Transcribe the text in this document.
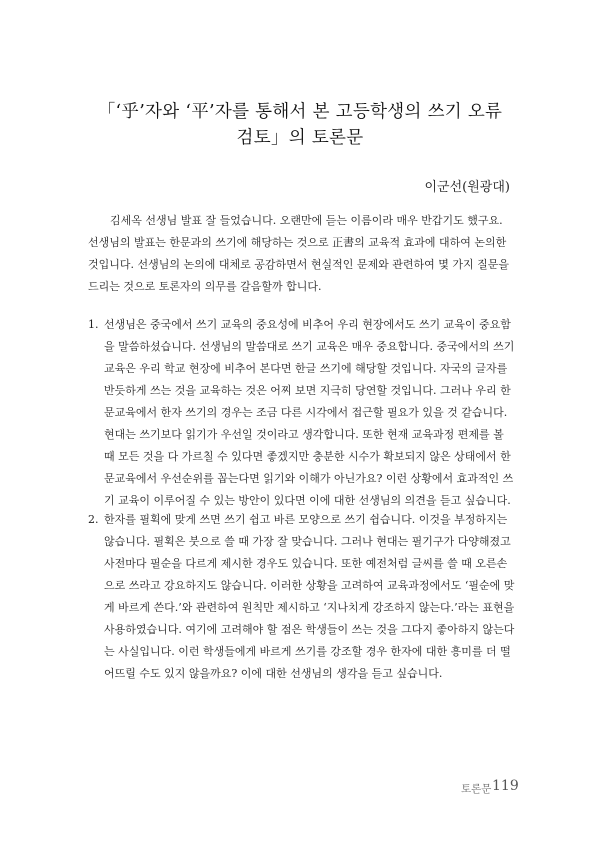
「‘乎’자와 ‘平’자를 통해서 본 고등학생의 쓰기 오류
검토」의 토론문
이군선(원광대)

김세옥 선생님 발표 잘 들었습니다. 오랜만에 듣는 이름이라 매우 반갑기도 했구요. 선생님의 발표는 한문과의 쓰기에 해당하는 것으로 正書의 교육적 효과에 대하여 논의한 것입니다. 선생님의 논의에 대체로 공감하면서 현실적인 문제와 관련하여 몇 가지 질문을 드리는 것으로 토론자의 의무를 갈음할까 합니다.

1. 선생님은 중국에서 쓰기 교육의 중요성에 비추어 우리 현장에서도 쓰기 교육이 중요함을 말씀하셨습니다. 선생님의 말씀대로 쓰기 교육은 매우 중요합니다. 중국에서의 쓰기 교육은 우리 학교 현장에 비추어 본다면 한글 쓰기에 해당할 것입니다. 자국의 글자를 반듯하게 쓰는 것을 교육하는 것은 어찌 보면 지극히 당연할 것입니다. 그러나 우리 한문교육에서 한자 쓰기의 경우는 조금 다른 시각에서 접근할 필요가 있을 것 같습니다. 현대는 쓰기보다 읽기가 우선일 것이라고 생각합니다. 또한 현재 교육과정 편제를 볼 때 모든 것을 다 가르칠 수 있다면 좋겠지만 충분한 시수가 확보되지 않은 상태에서 한문교육에서 우선순위를 꼽는다면 읽기와 이해가 아닌가요? 이런 상황에서 효과적인 쓰기 교육이 이루어질 수 있는 방안이 있다면 이에 대한 선생님의 의견을 듣고 싶습니다.
2. 한자를 필획에 맞게 쓰면 쓰기 쉽고 바른 모양으로 쓰기 쉽습니다. 이것을 부정하지는 않습니다. 필획은 붓으로 쓸 때 가장 잘 맞습니다. 그러나 현대는 필기구가 다양해졌고 사전마다 필순을 다르게 제시한 경우도 있습니다. 또한 예전처럼 글씨를 쓸 때 오른손으로 쓰라고 강요하지도 않습니다. 이러한 상황을 고려하여 교육과정에서도 ‘필순에 맞게 바르게 쓴다.’와 관련하여 원칙만 제시하고 ‘지나치게 강조하지 않는다.’라는 표현을 사용하였습니다. 여기에 고려해야 할 점은 학생들이 쓰는 것을 그다지 좋아하지 않는다는 사실입니다. 이런 학생들에게 바르게 쓰기를 강조할 경우 한자에 대한 흥미를 더 떨어뜨릴 수도 있지 않을까요? 이에 대한 선생님의 생각을 듣고 싶습니다.
토론문 119
